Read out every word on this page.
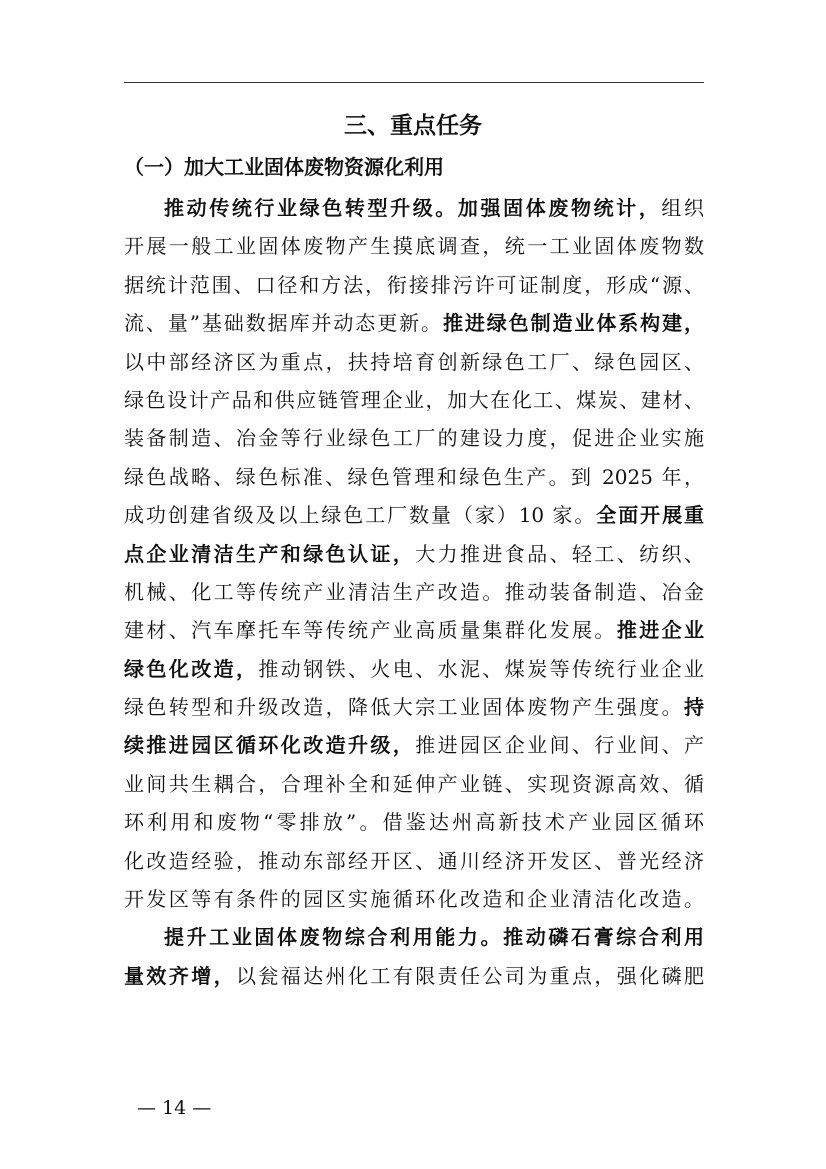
三、重点任务
（一）加大工业固体废物资源化利用
推动传统行业绿色转型升级。加强固体废物统计，组织
开展一般工业固体废物产生摸底调查，统一工业固体废物数
据统计范围、口径和方法，衔接排污许可证制度，形成“源、
流、量”基础数据库并动态更新。推进绿色制造业体系构建，
以中部经济区为重点，扶持培育创新绿色工厂、绿色园区、
绿色设计产品和供应链管理企业，加大在化工、煤炭、建材、
装备制造、冶金等行业绿色工厂的建设力度，促进企业实施
绿色战略、绿色标准、绿色管理和绿色生产。到 2025 年，
成功创建省级及以上绿色工厂数量（家）10 家。全面开展重
点企业清洁生产和绿色认证，大力推进食品、轻工、纺织、
机械、化工等传统产业清洁生产改造。推动装备制造、冶金
建材、汽车摩托车等传统产业高质量集群化发展。推进企业
绿色化改造，推动钢铁、火电、水泥、煤炭等传统行业企业
绿色转型和升级改造，降低大宗工业固体废物产生强度。持
续推进园区循环化改造升级，推进园区企业间、行业间、产
业间共生耦合，合理补全和延伸产业链、实现资源高效、循
环利用和废物“零排放”。借鉴达州高新技术产业园区循环
化改造经验，推动东部经开区、通川经济开发区、普光经济
开发区等有条件的园区实施循环化改造和企业清洁化改造。
提升工业固体废物综合利用能力。推动磷石膏综合利用
量效齐增，以瓮福达州化工有限责任公司为重点，强化磷肥
— 14 —
